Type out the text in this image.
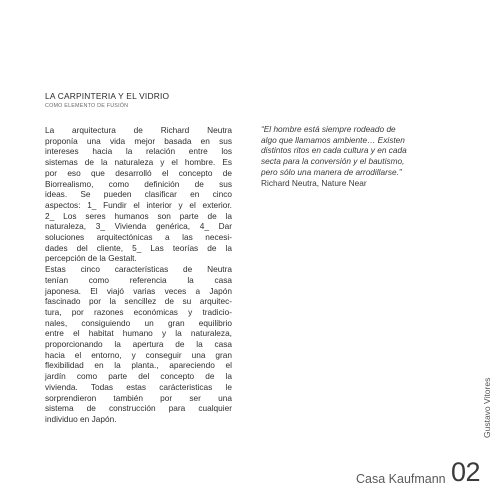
LA CARPINTERIA Y EL VIDRIO
COMO ELEMENTO DE FUSIÓN
La arquitectura de Richard Neutra
proponía una vida mejor basada en sus
intereses hacia la relación entre los
sistemas de la naturaleza y el hombre. Es
por eso que desarrolló el concepto de
Biorrealismo, como definición de sus
ideas. Se pueden clasificar en cinco
aspectos: 1_ Fundir el interior y el exterior.
2_ Los seres humanos son parte de la
naturaleza, 3_ Vivienda genérica, 4_ Dar
soluciones arquitectónicas a las necesi-
dades del cliente, 5_ Las teorías de la
percepción de la Gestalt.
Estas cinco características de Neutra
tenían como referencia la casa
japonesa. El viajó varias veces a Japón
fascinado por la sencillez de su arquitec-
tura, por razones económicas y tradicio-
nales, consiguiendo un gran equilibrio
entre el habitat humano y la naturaleza,
proporcionando la apertura de la casa
hacia el entorno, y conseguir una gran
flexibilidad en la planta., apareciendo el
jardín como parte del concepto de la
vivienda. Todas estas carácteristicas le
sorprendieron también por ser una
sistema de construcción para cualquier
individuo en Japón.
“El hombre está siempre rodeado de
algo que llamamos ambiente… Existen
distintos ritos en cada cultura y en cada
secta para la conversión y el bautismo,
pero sólo una manera de arrodillarse.”
Richard Neutra, Nature Near
Gustavo Vitores
Casa Kaufmann 02
